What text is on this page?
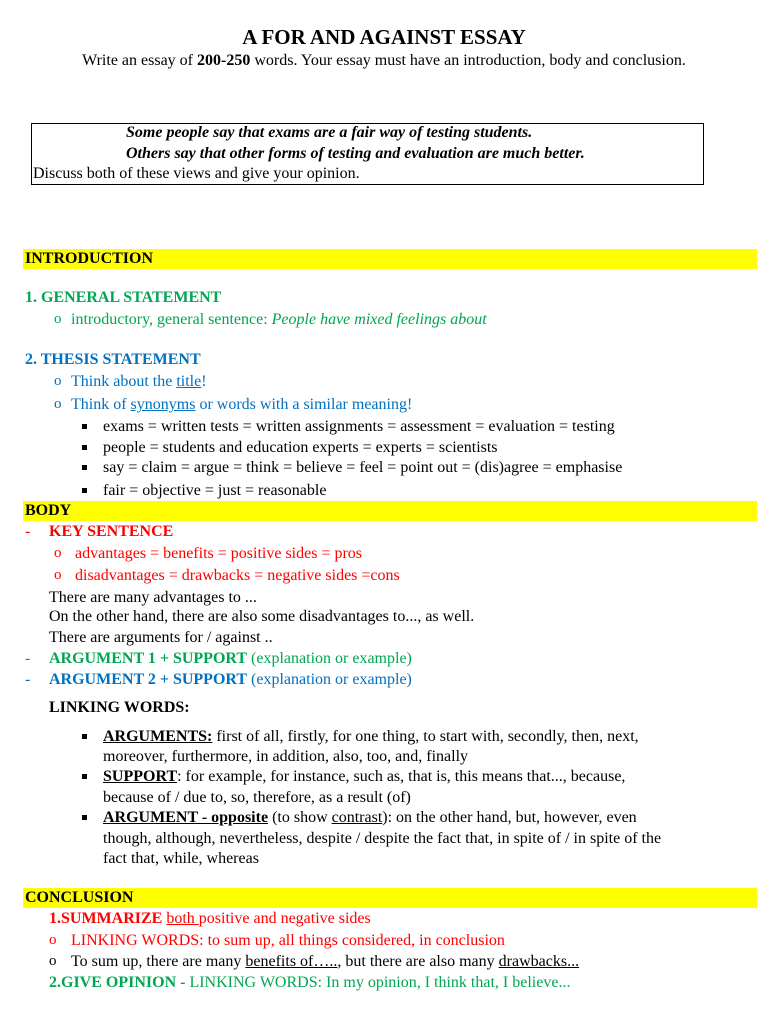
A FOR AND AGAINST ESSAY
Write an essay of 200-250 words. Your essay must have an introduction, body and conclusion.
Some people say that exams are a fair way of testing students.
Others say that other forms of testing and evaluation are much better.
Discuss both of these views and give your opinion.
INTRODUCTION
1. GENERAL STATEMENT
o introductory, general sentence: People have mixed feelings about
2. THESIS STATEMENT
o Think about the title!
o Think of synonyms or words with a similar meaning!
exams = written tests = written assignments = assessment = evaluation = testing
people = students and education experts = experts = scientists
say = claim = argue = think = believe = feel = point out = (dis)agree = emphasise
fair = objective = just = reasonable
BODY
- KEY SENTENCE
o advantages = benefits = positive sides = pros
o disadvantages = drawbacks = negative sides =cons
There are many advantages to ...
On the other hand, there are also some disadvantages to..., as well.
There are arguments for / against ..
- ARGUMENT 1 + SUPPORT (explanation or example)
- ARGUMENT 2 + SUPPORT (explanation or example)
LINKING WORDS:
ARGUMENTS: first of all, firstly, for one thing, to start with, secondly, then, next,
moreover, furthermore, in addition, also, too, and, finally
SUPPORT: for example, for instance, such as, that is, this means that..., because,
because of / due to, so, therefore, as a result (of)
ARGUMENT - opposite (to show contrast): on the other hand, but, however, even
though, although, nevertheless, despite / despite the fact that, in spite of / in spite of the
fact that, while, whereas
CONCLUSION
1.SUMMARIZE both positive and negative sides
o LINKING WORDS: to sum up, all things considered, in conclusion
o To sum up, there are many benefits of….., but there are also many drawbacks...
2.GIVE OPINION - LINKING WORDS: In my opinion, I think that, I believe...
